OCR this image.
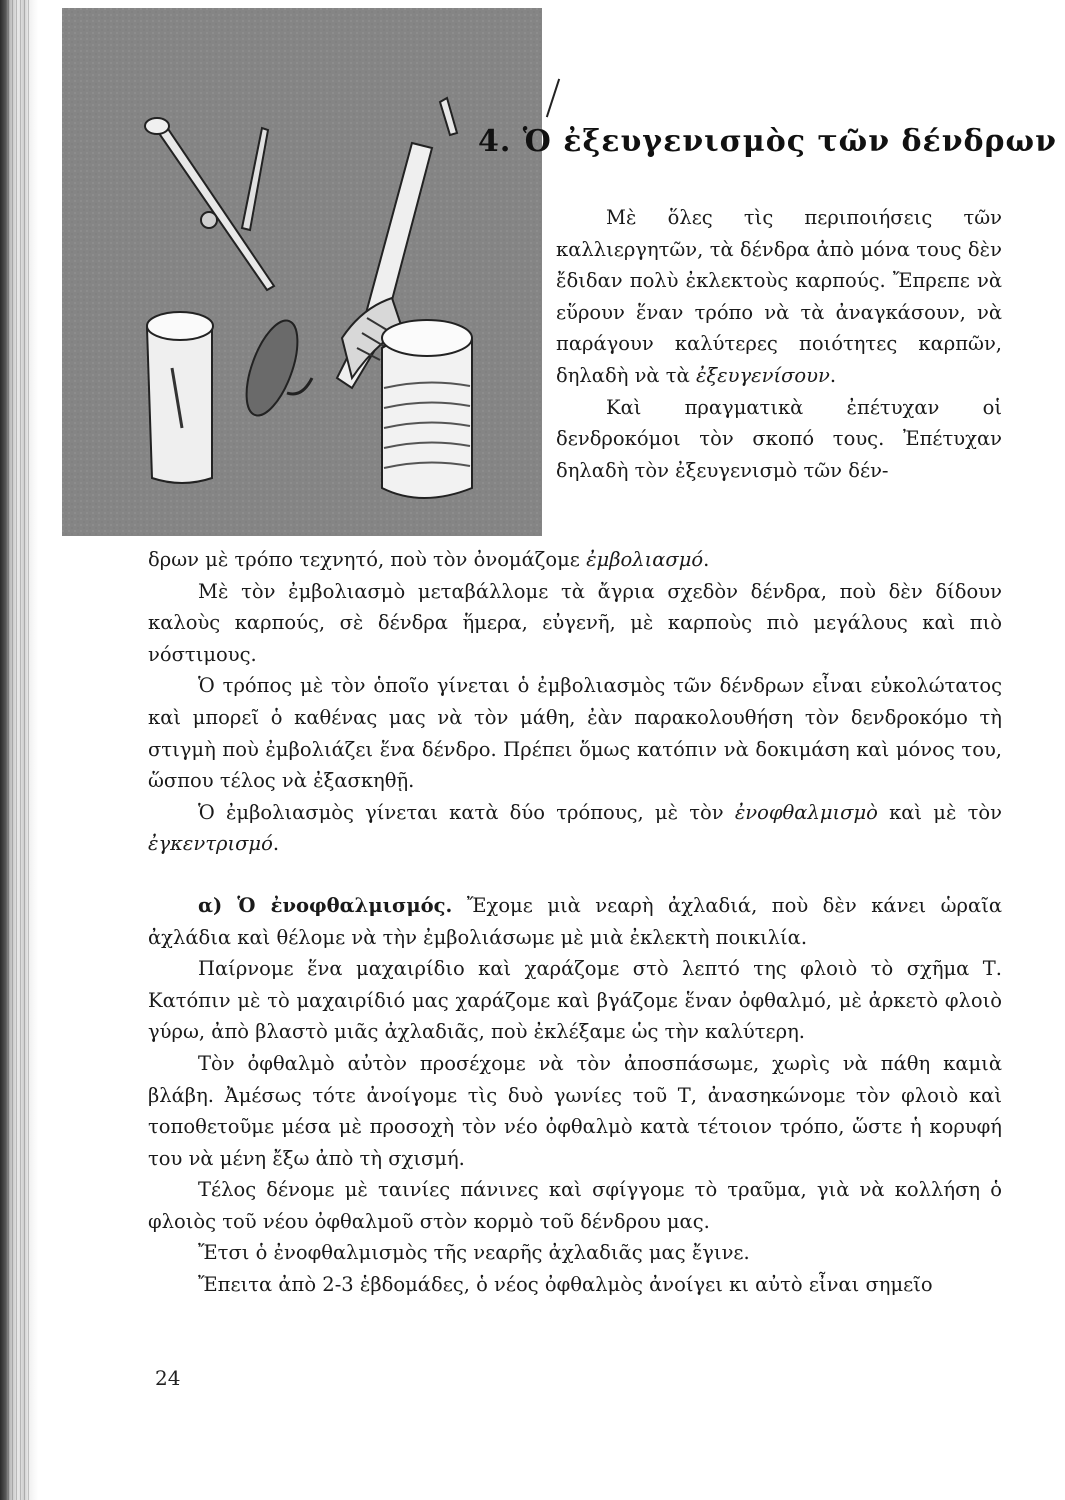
4. Ὁ ἐξευγενισμὸς τῶν δένδρων

Μὲ ὅλες τὶς περιποιήσεις τῶν καλλιεργητῶν, τὰ δένδρα ἀπὸ μόνα τους δὲν ἔδιδαν πολὺ ἐκλεκτοὺς καρπούς. Ἔπρεπε νὰ εὕρουν ἕναν τρόπο νὰ τὰ ἀναγκάσουν, νὰ παράγουν καλύτερες ποιότητες καρπῶν, δηλαδὴ νὰ τὰ ἐξευγενίσουν.

Καὶ πραγματικὰ ἐπέτυχαν οἱ δενδροκόμοι τὸν σκοπό τους. Ἐπέτυχαν δηλαδὴ τὸν ἐξευγενισμὸ τῶν δέν-

δρων μὲ τρόπο τεχνητό, ποὺ τὸν ὀνομάζομε ἐμβολιασμό.

Μὲ τὸν ἐμβολιασμὸ μεταβάλλομε τὰ ἄγρια σχεδὸν δένδρα, ποὺ δὲν δίδουν καλοὺς καρπούς, σὲ δένδρα ἥμερα, εὐγενῆ, μὲ καρποὺς πιὸ μεγάλους καὶ πιὸ νόστιμους.

Ὁ τρόπος μὲ τὸν ὁποῖο γίνεται ὁ ἐμβολιασμὸς τῶν δένδρων εἶναι εὐκολώτατος καὶ μπορεῖ ὁ καθένας μας νὰ τὸν μάθη, ἐὰν παρακολουθήση τὸν δενδροκόμο τὴ στιγμὴ ποὺ ἐμβολιάζει ἕνα δένδρο. Πρέπει ὅμως κατόπιν νὰ δοκιμάση καὶ μόνος του, ὥσπου τέλος νὰ ἐξασκηθῇ.

Ὁ ἐμβολιασμὸς γίνεται κατὰ δύο τρόπους, μὲ τὸν ἐνοφθαλμισμὸ καὶ μὲ τὸν ἐγκεντρισμό.

α) Ὁ ἐνοφθαλμισμός. Ἔχομε μιὰ νεαρὴ ἀχλαδιά, ποὺ δὲν κάνει ὡραῖα ἀχλάδια καὶ θέλομε νὰ τὴν ἐμβολιάσωμε μὲ μιὰ ἐκλεκτὴ ποικιλία.

Παίρνομε ἕνα μαχαιρίδιο καὶ χαράζομε στὸ λεπτό της φλοιὸ τὸ σχῆμα Τ. Κατόπιν μὲ τὸ μαχαιρίδιό μας χαράζομε καὶ βγάζομε ἕναν ὀφθαλμό, μὲ ἀρκετὸ φλοιὸ γύρω, ἀπὸ βλαστὸ μιᾶς ἀχλαδιᾶς, ποὺ ἐκλέξαμε ὡς τὴν καλύτερη.

Τὸν ὀφθαλμὸ αὐτὸν προσέχομε νὰ τὸν ἀποσπάσωμε, χωρὶς νὰ πάθη καμιὰ βλάβη. Ἀμέσως τότε ἀνοίγομε τὶς δυὸ γωνίες τοῦ Τ, ἀνασηκώνομε τὸν φλοιὸ καὶ τοποθετοῦμε μέσα μὲ προσοχὴ τὸν νέο ὀφθαλμὸ κατὰ τέτοιον τρόπο, ὥστε ἡ κορυφή του νὰ μένη ἔξω ἀπὸ τὴ σχισμή.

Τέλος δένομε μὲ ταινίες πάνινες καὶ σφίγγομε τὸ τραῦμα, γιὰ νὰ κολλήση ὁ φλοιὸς τοῦ νέου ὀφθαλμοῦ στὸν κορμὸ τοῦ δένδρου μας.

Ἔτσι ὁ ἐνοφθαλμισμὸς τῆς νεαρῆς ἀχλαδιᾶς μας ἔγινε.

Ἔπειτα ἀπὸ 2-3 ἑβδομάδες, ὁ νέος ὀφθαλμὸς ἀνοίγει κι αὐτὸ εἶναι σημεῖο

24
